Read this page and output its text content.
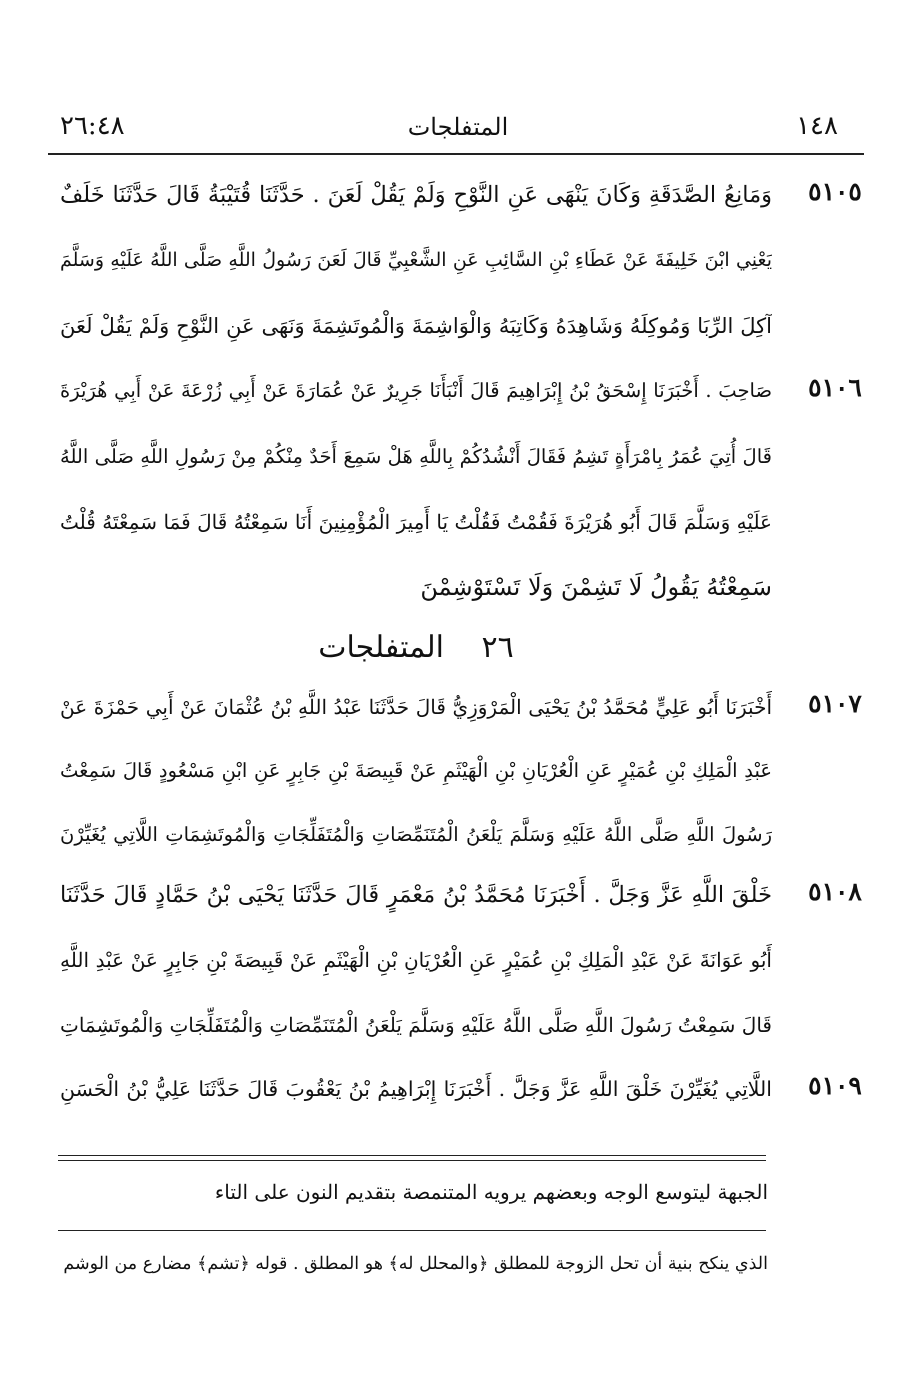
٢٦:٤٨	المتفلجات	١٤٨
٥١٠٥
٥١٠٦
٥١٠٧
٥١٠٨
٥١٠٩
وَمَانِعُ الصَّدَقَةِ وَكَانَ يَنْهَى عَنِ النَّوْحِ وَلَمْ يَقُلْ لَعَنَ . حَدَّثَنَا قُتَيْبَةُ قَالَ حَدَّثَنَا خَلَفٌ
يَعْنِي ابْنَ خَلِيفَةَ عَنْ عَطَاءِ بْنِ السَّائِبِ عَنِ الشَّعْبِيِّ قَالَ لَعَنَ رَسُولُ اللَّهِ صَلَّى اللَّهُ عَلَيْهِ وَسَلَّمَ
آكِلَ الرِّبَا وَمُوكِلَهُ وَشَاهِدَهُ وَكَاتِبَهُ وَالْوَاشِمَةَ وَالْمُوتَشِمَةَ وَنَهَى عَنِ النَّوْحِ وَلَمْ يَقُلْ لَعَنَ
صَاحِبَ . أَخْبَرَنَا إِسْحَقُ بْنُ إِبْرَاهِيمَ قَالَ أَنْبَأَنَا جَرِيرٌ عَنْ عُمَارَةَ عَنْ أَبِي زُرْعَةَ عَنْ أَبِي هُرَيْرَةَ
قَالَ أُتِيَ عُمَرُ بِامْرَأَةٍ تَشِمُ فَقَالَ أَنْشُدُكُمْ بِاللَّهِ هَلْ سَمِعَ أَحَدٌ مِنْكُمْ مِنْ رَسُولِ اللَّهِ صَلَّى اللَّهُ
عَلَيْهِ وَسَلَّمَ قَالَ أَبُو هُرَيْرَةَ فَقُمْتُ فَقُلْتُ يَا أَمِيرَ الْمُؤْمِنِينَ أَنَا سَمِعْتُهُ قَالَ فَمَا سَمِعْتَهُ قُلْتُ
سَمِعْتُهُ يَقُولُ لَا تَشِمْنَ وَلَا تَسْتَوْشِمْنَ
٢٦ المتفلجات
أَخْبَرَنَا أَبُو عَلِيٍّ مُحَمَّدُ بْنُ يَحْيَى الْمَرْوَزِيُّ قَالَ حَدَّثَنَا عَبْدُ اللَّهِ بْنُ عُثْمَانَ عَنْ أَبِي حَمْزَةَ عَنْ
عَبْدِ الْمَلِكِ بْنِ عُمَيْرٍ عَنِ الْعُرْيَانِ بْنِ الْهَيْثَمِ عَنْ قَبِيصَةَ بْنِ جَابِرٍ عَنِ ابْنِ مَسْعُودٍ قَالَ سَمِعْتُ
رَسُولَ اللَّهِ صَلَّى اللَّهُ عَلَيْهِ وَسَلَّمَ يَلْعَنُ الْمُتَنَمِّصَاتِ وَالْمُتَفَلِّجَاتِ وَالْمُوتَشِمَاتِ اللَّاتِي يُغَيِّرْنَ
خَلْقَ اللَّهِ عَزَّ وَجَلَّ . أَخْبَرَنَا مُحَمَّدُ بْنُ مَعْمَرٍ قَالَ حَدَّثَنَا يَحْيَى بْنُ حَمَّادٍ قَالَ حَدَّثَنَا
أَبُو عَوَانَةَ عَنْ عَبْدِ الْمَلِكِ بْنِ عُمَيْرٍ عَنِ الْعُرْيَانِ بْنِ الْهَيْثَمِ عَنْ قَبِيصَةَ بْنِ جَابِرٍ عَنْ عَبْدِ اللَّهِ
قَالَ سَمِعْتُ رَسُولَ اللَّهِ صَلَّى اللَّهُ عَلَيْهِ وَسَلَّمَ يَلْعَنُ الْمُتَنَمِّصَاتِ وَالْمُتَفَلِّجَاتِ وَالْمُوتَشِمَاتِ
اللَّاتِي يُغَيِّرْنَ خَلْقَ اللَّهِ عَزَّ وَجَلَّ . أَخْبَرَنَا إِبْرَاهِيمُ بْنُ يَعْقُوبَ قَالَ حَدَّثَنَا عَلِيُّ بْنُ الْحَسَنِ
الجبهة ليتوسع الوجه وبعضهم يرويه المتنمصة بتقديم النون على التاء
الذي ينكح بنية أن تحل الزوجة للمطلق ﴿والمحلل له﴾ هو المطلق . قوله ﴿تشم﴾ مضارع من الوشم
